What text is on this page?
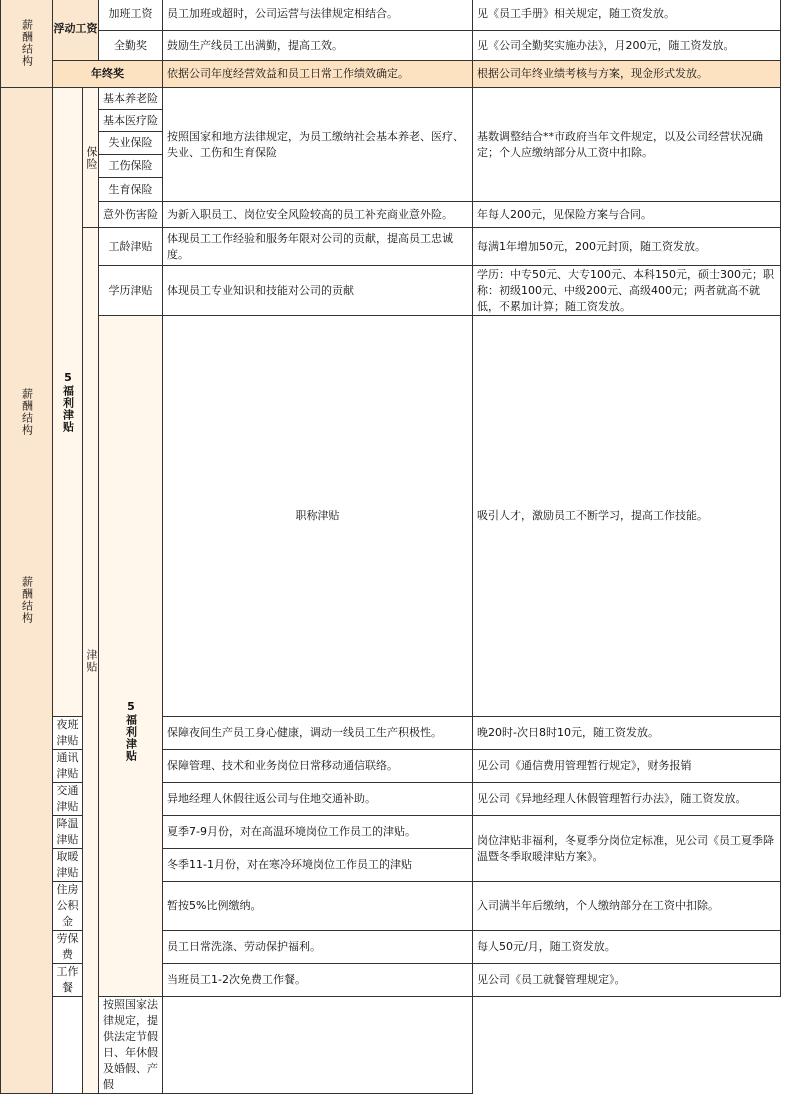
薪酬结构	浮动工资		加班工资	员工加班或超时，公司运营与法律规定相结合。	见《员工手册》相关规定，随工资发放。	
			全勤奖	鼓励生产线员工出满勤，提高工效。	见《公司全勤奖实施办法》，月200元，随工资发放。	
	年终奖			依据公司年度经营效益和员工日常工作绩效确定。	根据公司年终业绩考核与方案，现金形式发放。	

薪酬结构
薪酬结构	5福利津贴	保险	基本养老险	按照国家和地方法律规定，为员工缴纳社会基本养老、医疗、失业、工伤和生育保险	基数调整结合**市政府当年文件规定，以及公司经营状况确定；个人应缴纳部分从工资中扣除。	
			基本医疗险			
			失业保险			
			工伤保险			
			生育保险			
			意外伤害险	为新入职员工、岗位安全风险较高的员工补充商业意外险。	年每人200元，见保险方案与合同。	

		津贴	工龄津贴	体现员工工作经验和服务年限对公司的贡献，提高员工忠诚度。	每满1年增加50元，200元封顶，随工资发放。	
			学历津贴	体现员工专业知识和技能对公司的贡献	学历：中专50元、大专100元、本科150元，硕士300元；职称：初级100元、中级200元、高级400元；两者就高不就低，不累加计算；随工资发放。	

			5福利津贴	职称津贴	吸引人才，激励员工不断学习，提高工作技能。	
	夜班津贴			保障夜间生产员工身心健康，调动一线员工生产积极性。	晚20时-次日8时10元，随工资发放。	
	通讯津贴			保障管理、技术和业务岗位日常移动通信联络。	见公司《通信费用管理暂行规定》，财务报销	
	交通津贴			异地经理人休假往返公司与住地交通补助。	见公司《异地经理人休假管理暂行办法》，随工资发放。	
	降温津贴			夏季7-9月份，对在高温环境岗位工作员工的津贴。	岗位津贴非福利，冬夏季分岗位定标准，见公司《员工夏季降温暨冬季取暖津贴方案》。	
	取暖津贴			冬季11-1月份，对在寒冷环境岗位工作员工的津贴		
	住房公积金			暂按5%比例缴纳。	入司满半年后缴纳，个人缴纳部分在工资中扣除。	
	劳保费			员工日常洗涤、劳动保护福利。	每人50元/月，随工资发放。	
	工作餐			当班员工1-2次免费工作餐。	见公司《员工就餐管理规定》。	
			按照国家法律规定，提供法定节假日、年休假及婚假、产假			
